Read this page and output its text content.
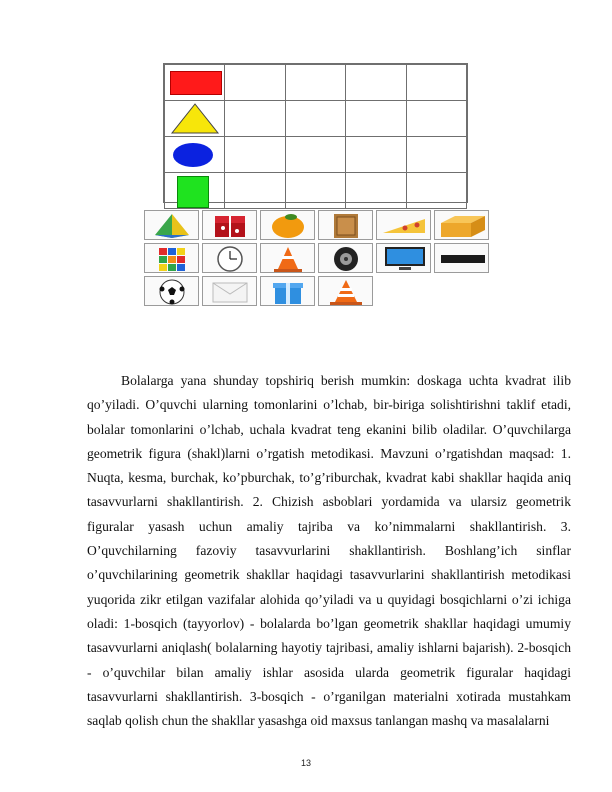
Bolalarga yana shunday topshiriq berish mumkin: doskaga uchta kvadrat ilib qo’yiladi. O’quvchi ularning tomonlarini o’lchab, bir-biriga solishtirishni taklif etadi, bolalar tomonlarini o’lchab, uchala kvadrat teng ekanini bilib oladilar. O’quvchilarga geometrik figura (shakl)larni o’rgatish metodikasi. Mavzuni o’rgatishdan maqsad: 1. Nuqta, kesma, burchak, ko’pburchak, to’g’riburchak, kvadrat kabi shakllar haqida aniq tasavvurlarni shakllantirish. 2. Chizish asboblari yordamida va ularsiz geometrik figuralar yasash uchun amaliy tajriba va ko’nimmalarni shakllantirish. 3. O’quvchilarning fazoviy tasavvurlarini shakllantirish. Boshlang’ich sinflar o’quvchilarining geometrik shakllar haqidagi tasavvurlarini shakllantirish metodikasi yuqorida zikr etilgan vazifalar alohida qo’yiladi va u quyidagi bosqichlarni o’zi ichiga oladi: 1-bosqich (tayyorlov) - bolalarda bo’lgan geometrik shakllar haqidagi umumiy tasavvurlarni aniqlash( bolalarning hayotiy tajribasi, amaliy ishlarni bajarish). 2-bosqich - o’quvchilar bilan amaliy ishlar asosida ularda geometrik figuralar haqidagi tasavvurlarni shakllantirish. 3-bosqich - o’rganilgan materialni xotirada mustahkam saqlab qolish chun the shakllar yasashga oid maxsus tanlangan mashq va masalalarni

13
